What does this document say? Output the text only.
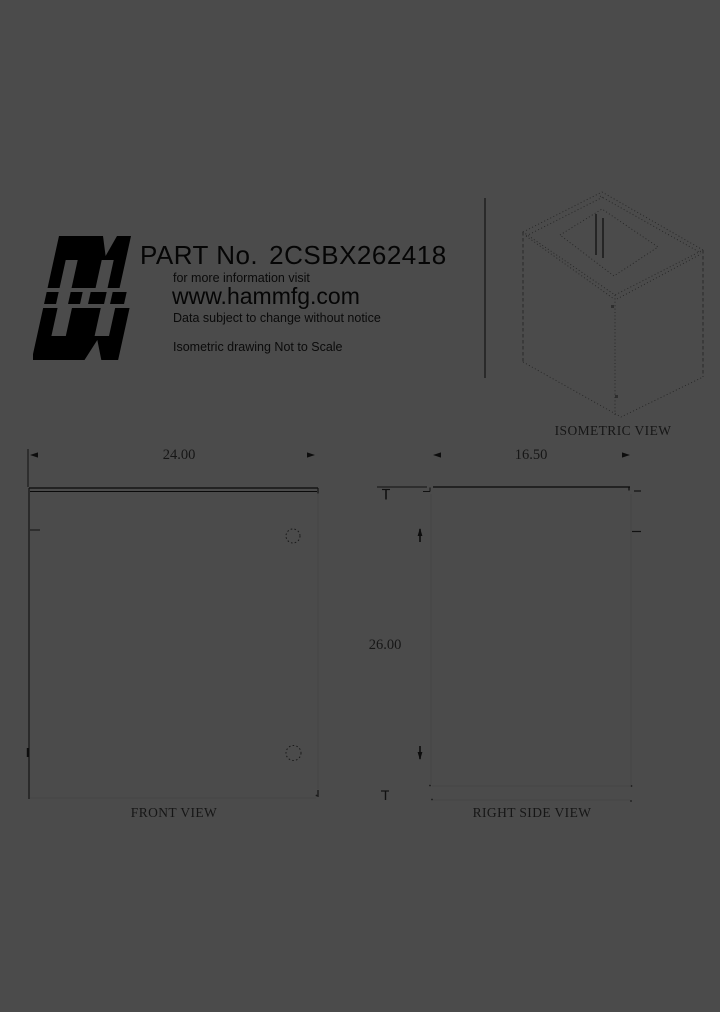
PART No. 2CSBX262418
for more information visit
www.hammfg.com
Data subject to change without notice
Isometric drawing Not to Scale
24.00	16.50
26.00
FRONT VIEW	RIGHT SIDE VIEW
ISOMETRIC VIEW
